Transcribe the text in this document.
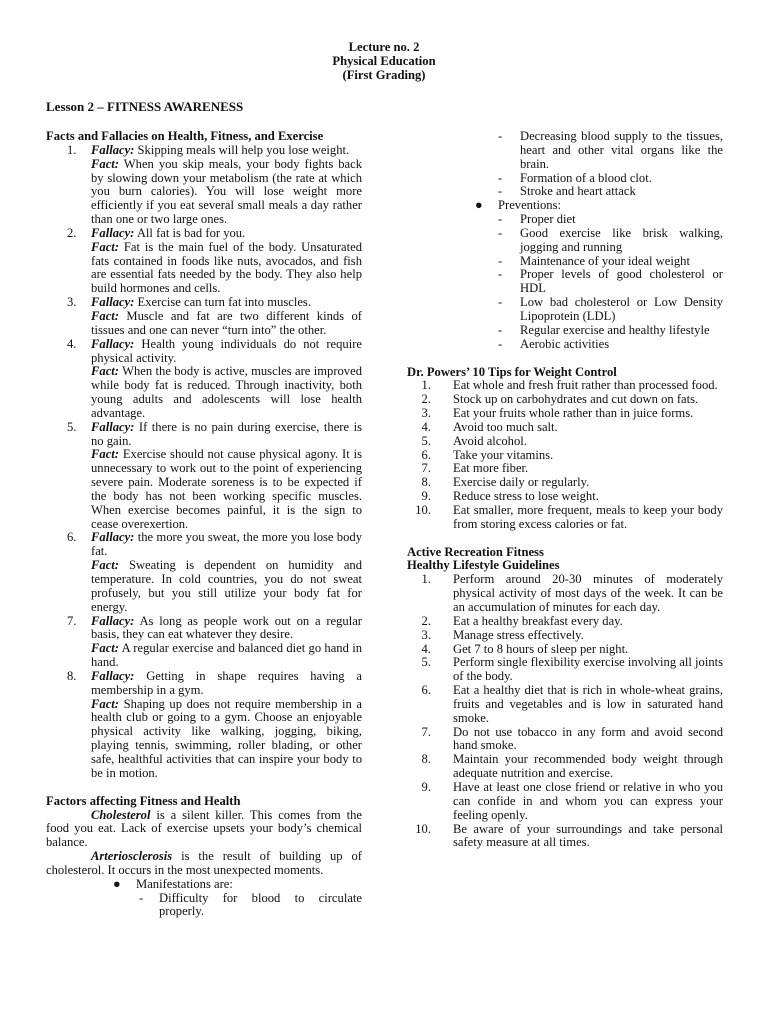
Lecture no. 2
Physical Education
(First Grading)
Lesson 2 – FITNESS AWARENESS
Facts and Fallacies on Health, Fitness, and Exercise
1. Fallacy: Skipping meals will help you lose weight.
Fact: When you skip meals, your body fights back by slowing down your metabolism (the rate at which you burn calories). You will lose weight more efficiently if you eat several small meals a day rather than one or two large ones.
2. Fallacy: All fat is bad for you.
Fact: Fat is the main fuel of the body. Unsaturated fats contained in foods like nuts, avocados, and fish are essential fats needed by the body. They also help build hormones and cells.
3. Fallacy: Exercise can turn fat into muscles.
Fact: Muscle and fat are two different kinds of tissues and one can never “turn into” the other.
4. Fallacy: Health young individuals do not require physical activity.
Fact: When the body is active, muscles are improved while body fat is reduced. Through inactivity, both young adults and adolescents will lose health advantage.
5. Fallacy: If there is no pain during exercise, there is no gain.
Fact: Exercise should not cause physical agony. It is unnecessary to work out to the point of experiencing severe pain. Moderate soreness is to be expected if the body has not been working specific muscles. When exercise becomes painful, it is the sign to cease overexertion.
6. Fallacy: the more you sweat, the more you lose body fat.
Fact: Sweating is dependent on humidity and temperature. In cold countries, you do not sweat profusely, but you still utilize your body fat for energy.
7. Fallacy: As long as people work out on a regular basis, they can eat whatever they desire.
Fact: A regular exercise and balanced diet go hand in hand.
8. Fallacy: Getting in shape requires having a membership in a gym.
Fact: Shaping up does not require membership in a health club or going to a gym. Choose an enjoyable physical activity like walking, jogging, biking, playing tennis, swimming, roller blading, or other safe, healthful activities that can inspire your body to be in motion.
Factors affecting Fitness and Health
Cholesterol is a silent killer. This comes from the food you eat. Lack of exercise upsets your body’s chemical balance.
Arteriosclerosis is the result of building up of cholesterol. It occurs in the most unexpected moments.
● Manifestations are:
- Difficulty for blood to circulate properly.
- Decreasing blood supply to the tissues, heart and other vital organs like the brain.
- Formation of a blood clot.
- Stroke and heart attack
● Preventions:
- Proper diet
- Good exercise like brisk walking, jogging and running
- Maintenance of your ideal weight
- Proper levels of good cholesterol or HDL
- Low bad cholesterol or Low Density Lipoprotein (LDL)
- Regular exercise and healthy lifestyle
- Aerobic activities
Dr. Powers’ 10 Tips for Weight Control
1. Eat whole and fresh fruit rather than processed food.
2. Stock up on carbohydrates and cut down on fats.
3. Eat your fruits whole rather than in juice forms.
4. Avoid too much salt.
5. Avoid alcohol.
6. Take your vitamins.
7. Eat more fiber.
8. Exercise daily or regularly.
9. Reduce stress to lose weight.
10. Eat smaller, more frequent, meals to keep your body from storing excess calories or fat.
Active Recreation Fitness
Healthy Lifestyle Guidelines
1. Perform around 20-30 minutes of moderately physical activity of most days of the week. It can be an accumulation of minutes for each day.
2. Eat a healthy breakfast every day.
3. Manage stress effectively.
4. Get 7 to 8 hours of sleep per night.
5. Perform single flexibility exercise involving all joints of the body.
6. Eat a healthy diet that is rich in whole-wheat grains, fruits and vegetables and is low in saturated hand smoke.
7. Do not use tobacco in any form and avoid second hand smoke.
8. Maintain your recommended body weight through adequate nutrition and exercise.
9. Have at least one close friend or relative in who you can confide in and whom you can express your feeling openly.
10. Be aware of your surroundings and take personal safety measure at all times.
